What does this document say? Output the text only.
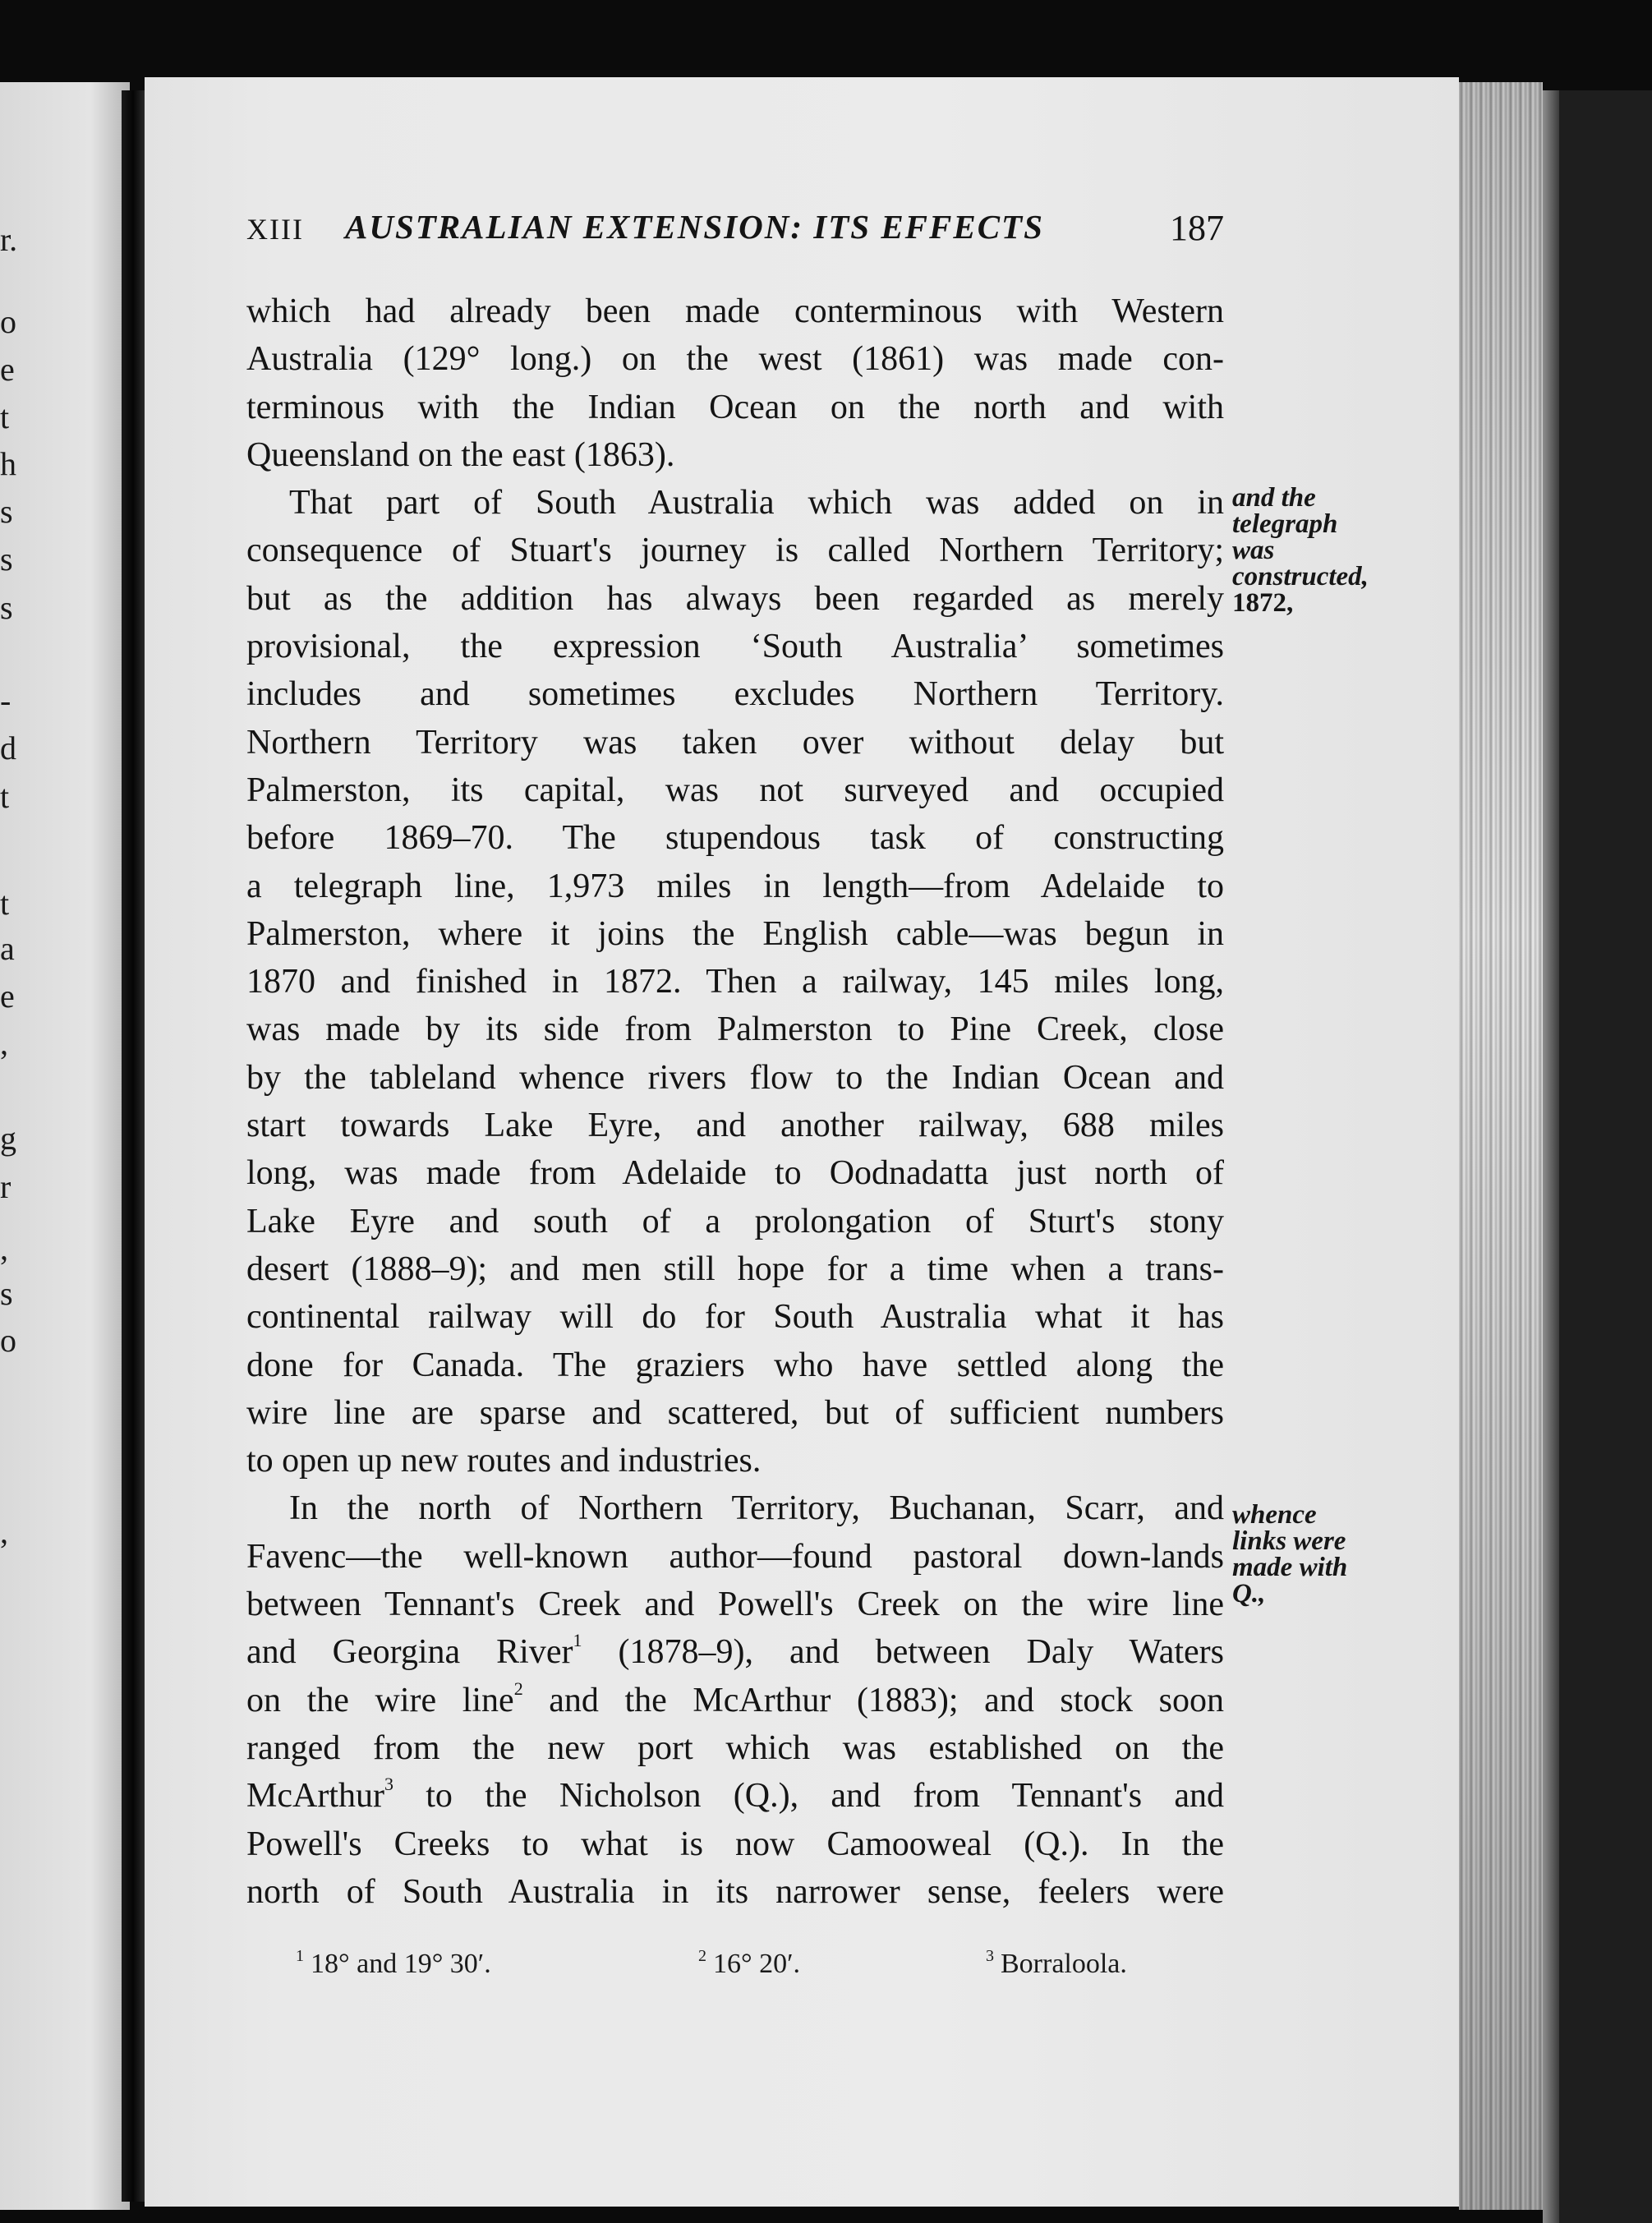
r.
o
e
t
h
s
s
s
-
d
t
t
a
e
,
g
r
,
s
o
,
XIII AUSTRALIAN EXTENSION: ITS EFFECTS	187

which had already been made conterminous with Western

Australia (129° long.) on the west (1861) was made con-

terminous with the Indian Ocean on the north and with

Queensland on the east (1863).

That part of South Australia which was added on in

consequence of Stuart's journey is called Northern Territory;

but as the addition has always been regarded as merely

provisional, the expression ‘South Australia’ sometimes

includes and sometimes excludes Northern Territory.

Northern Territory was taken over without delay but

Palmerston, its capital, was not surveyed and occupied

before 1869–70. The stupendous task of constructing

a telegraph line, 1,973 miles in length—from Adelaide to

Palmerston, where it joins the English cable—was begun in

1870 and finished in 1872. Then a railway, 145 miles long,

was made by its side from Palmerston to Pine Creek, close

by the tableland whence rivers flow to the Indian Ocean and

start towards Lake Eyre, and another railway, 688 miles

long, was made from Adelaide to Oodnadatta just north of

Lake Eyre and south of a prolongation of Sturt's stony

desert (1888–9); and men still hope for a time when a trans-

continental railway will do for South Australia what it has

done for Canada. The graziers who have settled along the

wire line are sparse and scattered, but of sufficient numbers

to open up new routes and industries.

In the north of Northern Territory, Buchanan, Scarr, and

Favenc—the well-known author—found pastoral down-lands

between Tennant's Creek and Powell's Creek on the wire line

and Georgina River$^1$ (1878–9), and between Daly Waters

on the wire line$^2$ and the McArthur (1883); and stock soon

ranged from the new port which was established on the

McArthur$^3$ to the Nicholson (Q.), and from Tennant's and

Powell's Creeks to what is now Camooweal (Q.). In the

north of South Australia in its narrower sense, feelers were

and the
telegraph
was
constructed,
1872,
whence
links were
made with
Q.,
$^1$ 18° and 19° 30′.	$^2$ 16° 20′.	$^3$ Borraloola.
